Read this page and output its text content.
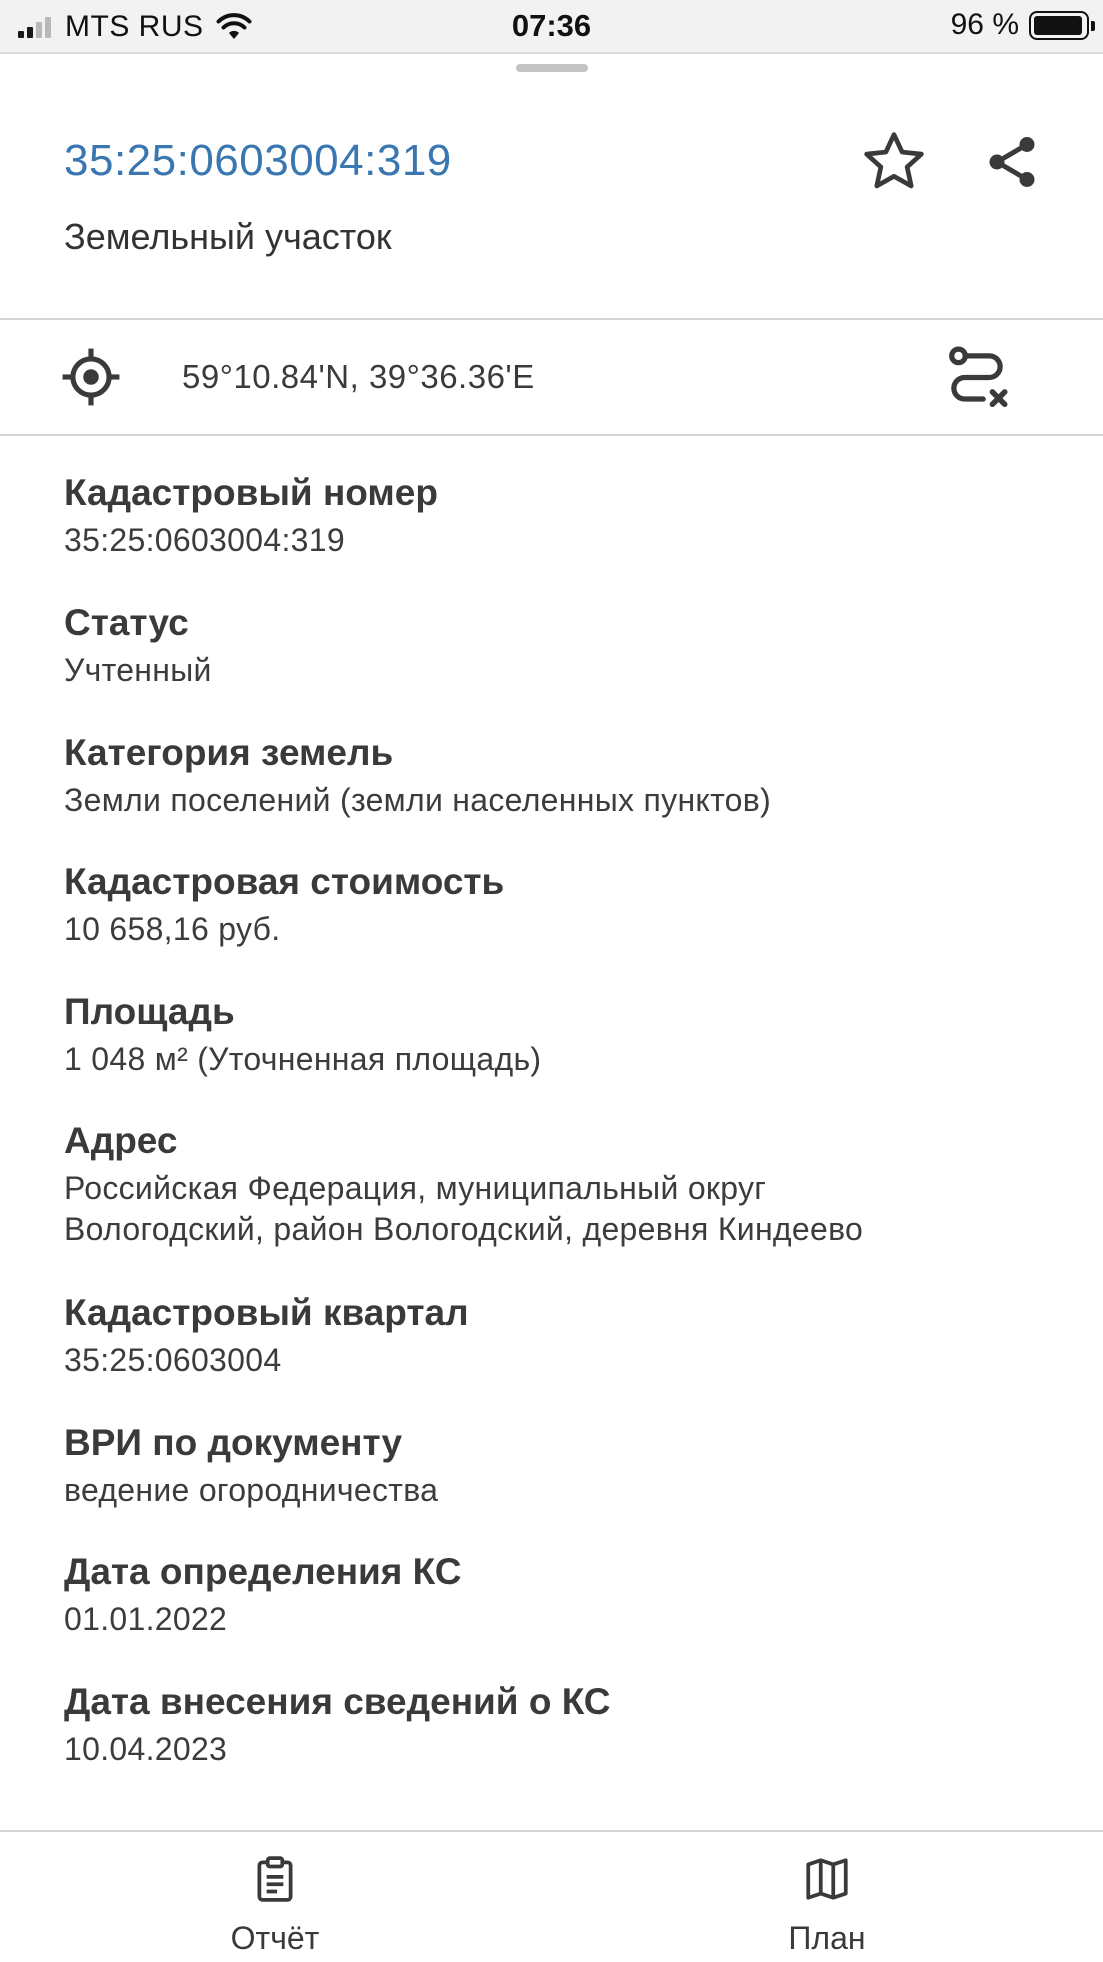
MTS RUS	07:36	96 %
35:25:0603004:319
Земельный участок
59°10.84'N, 39°36.36'E
Кадастровый номер
35:25:0603004:319
Статус
Учтенный
Категория земель
Земли поселений (земли населенных пунктов)
Кадастровая стоимость
10 658,16 руб.
Площадь
1 048 м² (Уточненная площадь)
Адрес
Российская Федерация, муниципальный округ
Вологодский, район Вологодский, деревня Киндеево
Кадастровый квартал
35:25:0603004
ВРИ по документу
ведение огородничества
Дата определения КС
01.01.2022
Дата внесения сведений о КС
10.04.2023
Отчёт	План
